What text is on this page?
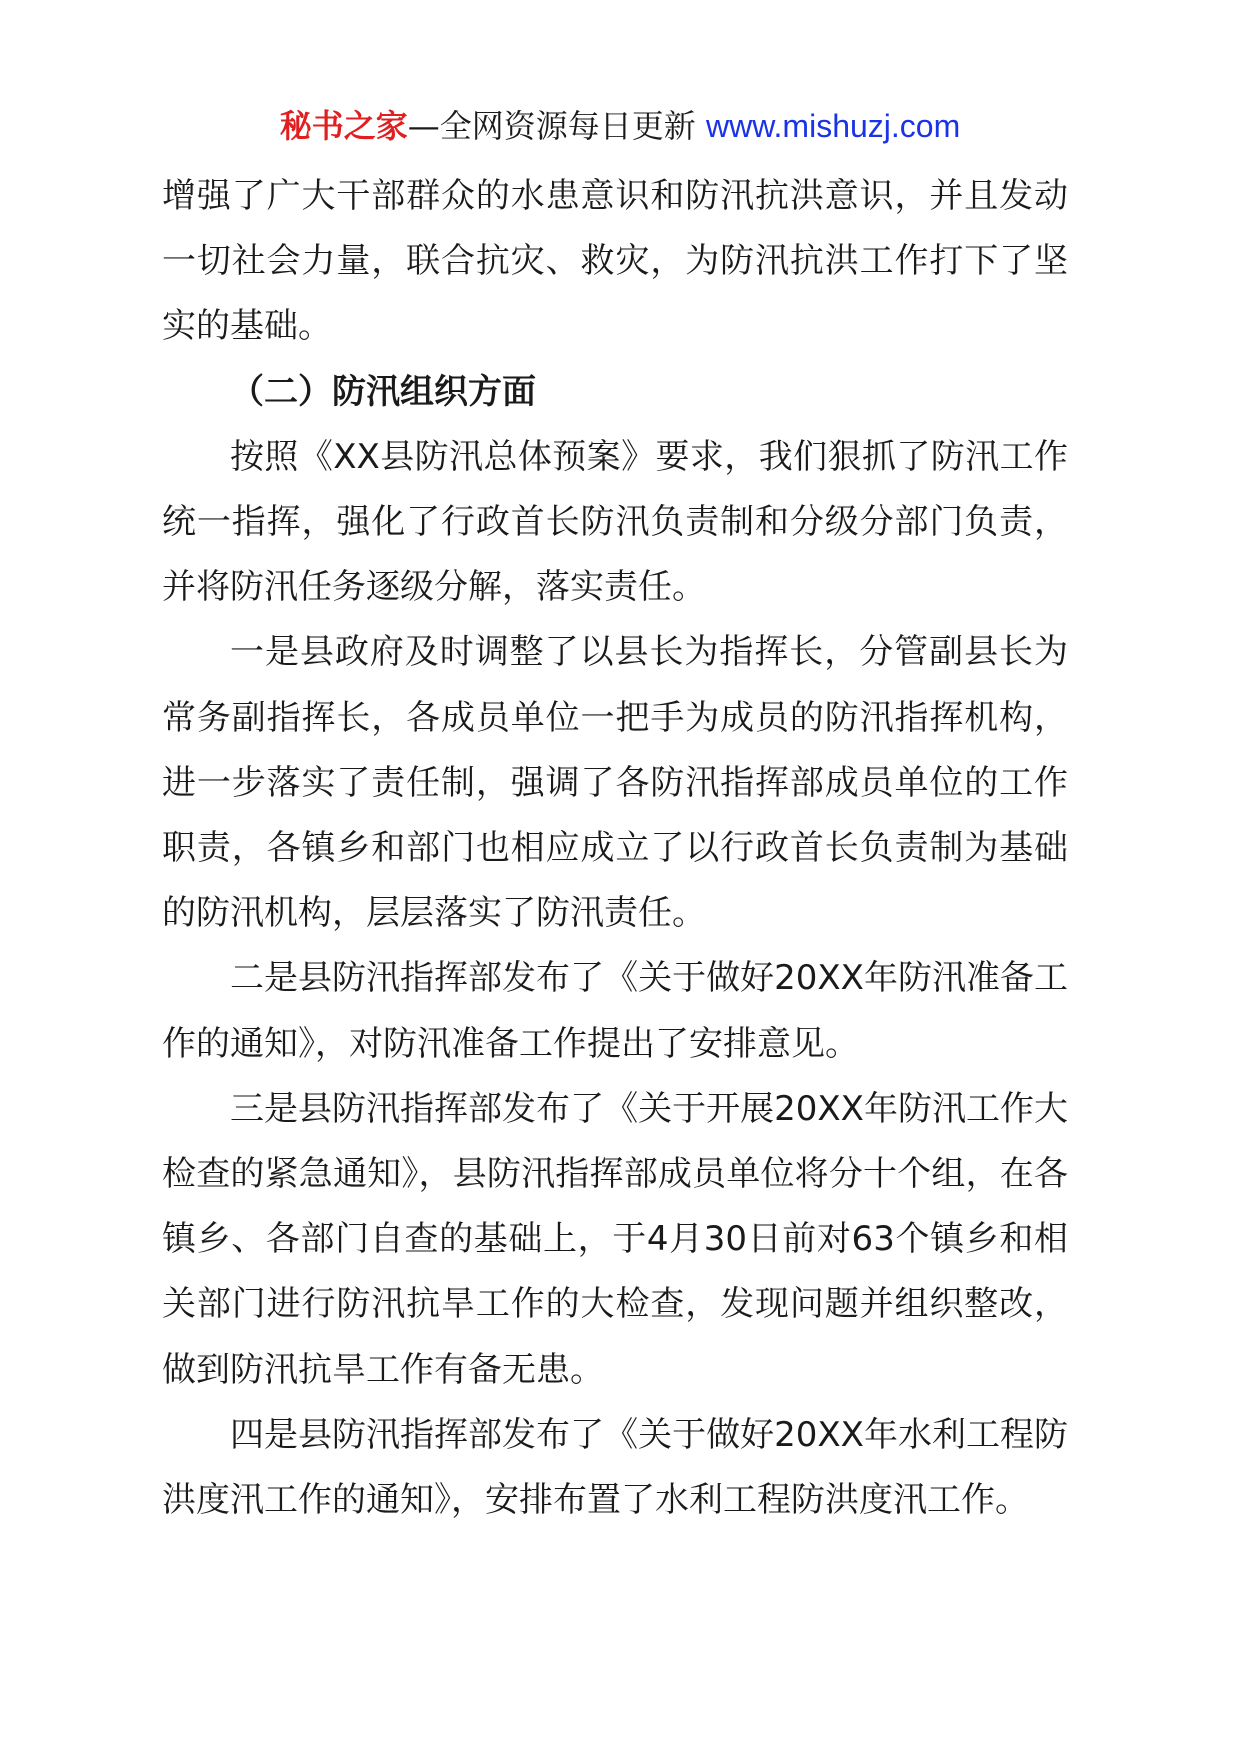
秘书之家—全网资源每日更新 www.mishuzj.com

增强了广大干部群众的水患意识和防汛抗洪意识，并且发动一切社会力量，联合抗灾、救灾，为防汛抗洪工作打下了坚实的基础。

（二）防汛组织方面

按照《XX县防汛总体预案》要求，我们狠抓了防汛工作统一指挥，强化了行政首长防汛负责制和分级分部门负责，并将防汛任务逐级分解，落实责任。

一是县政府及时调整了以县长为指挥长，分管副县长为常务副指挥长，各成员单位一把手为成员的防汛指挥机构，进一步落实了责任制，强调了各防汛指挥部成员单位的工作职责，各镇乡和部门也相应成立了以行政首长负责制为基础的防汛机构，层层落实了防汛责任。

二是县防汛指挥部发布了《关于做好20XX年防汛准备工作的通知》，对防汛准备工作提出了安排意见。

三是县防汛指挥部发布了《关于开展20XX年防汛工作大检查的紧急通知》，县防汛指挥部成员单位将分十个组，在各镇乡、各部门自查的基础上，于4月30日前对63个镇乡和相关部门进行防汛抗旱工作的大检查，发现问题并组织整改，做到防汛抗旱工作有备无患。

四是县防汛指挥部发布了《关于做好20XX年水利工程防洪度汛工作的通知》，安排布置了水利工程防洪度汛工作。
